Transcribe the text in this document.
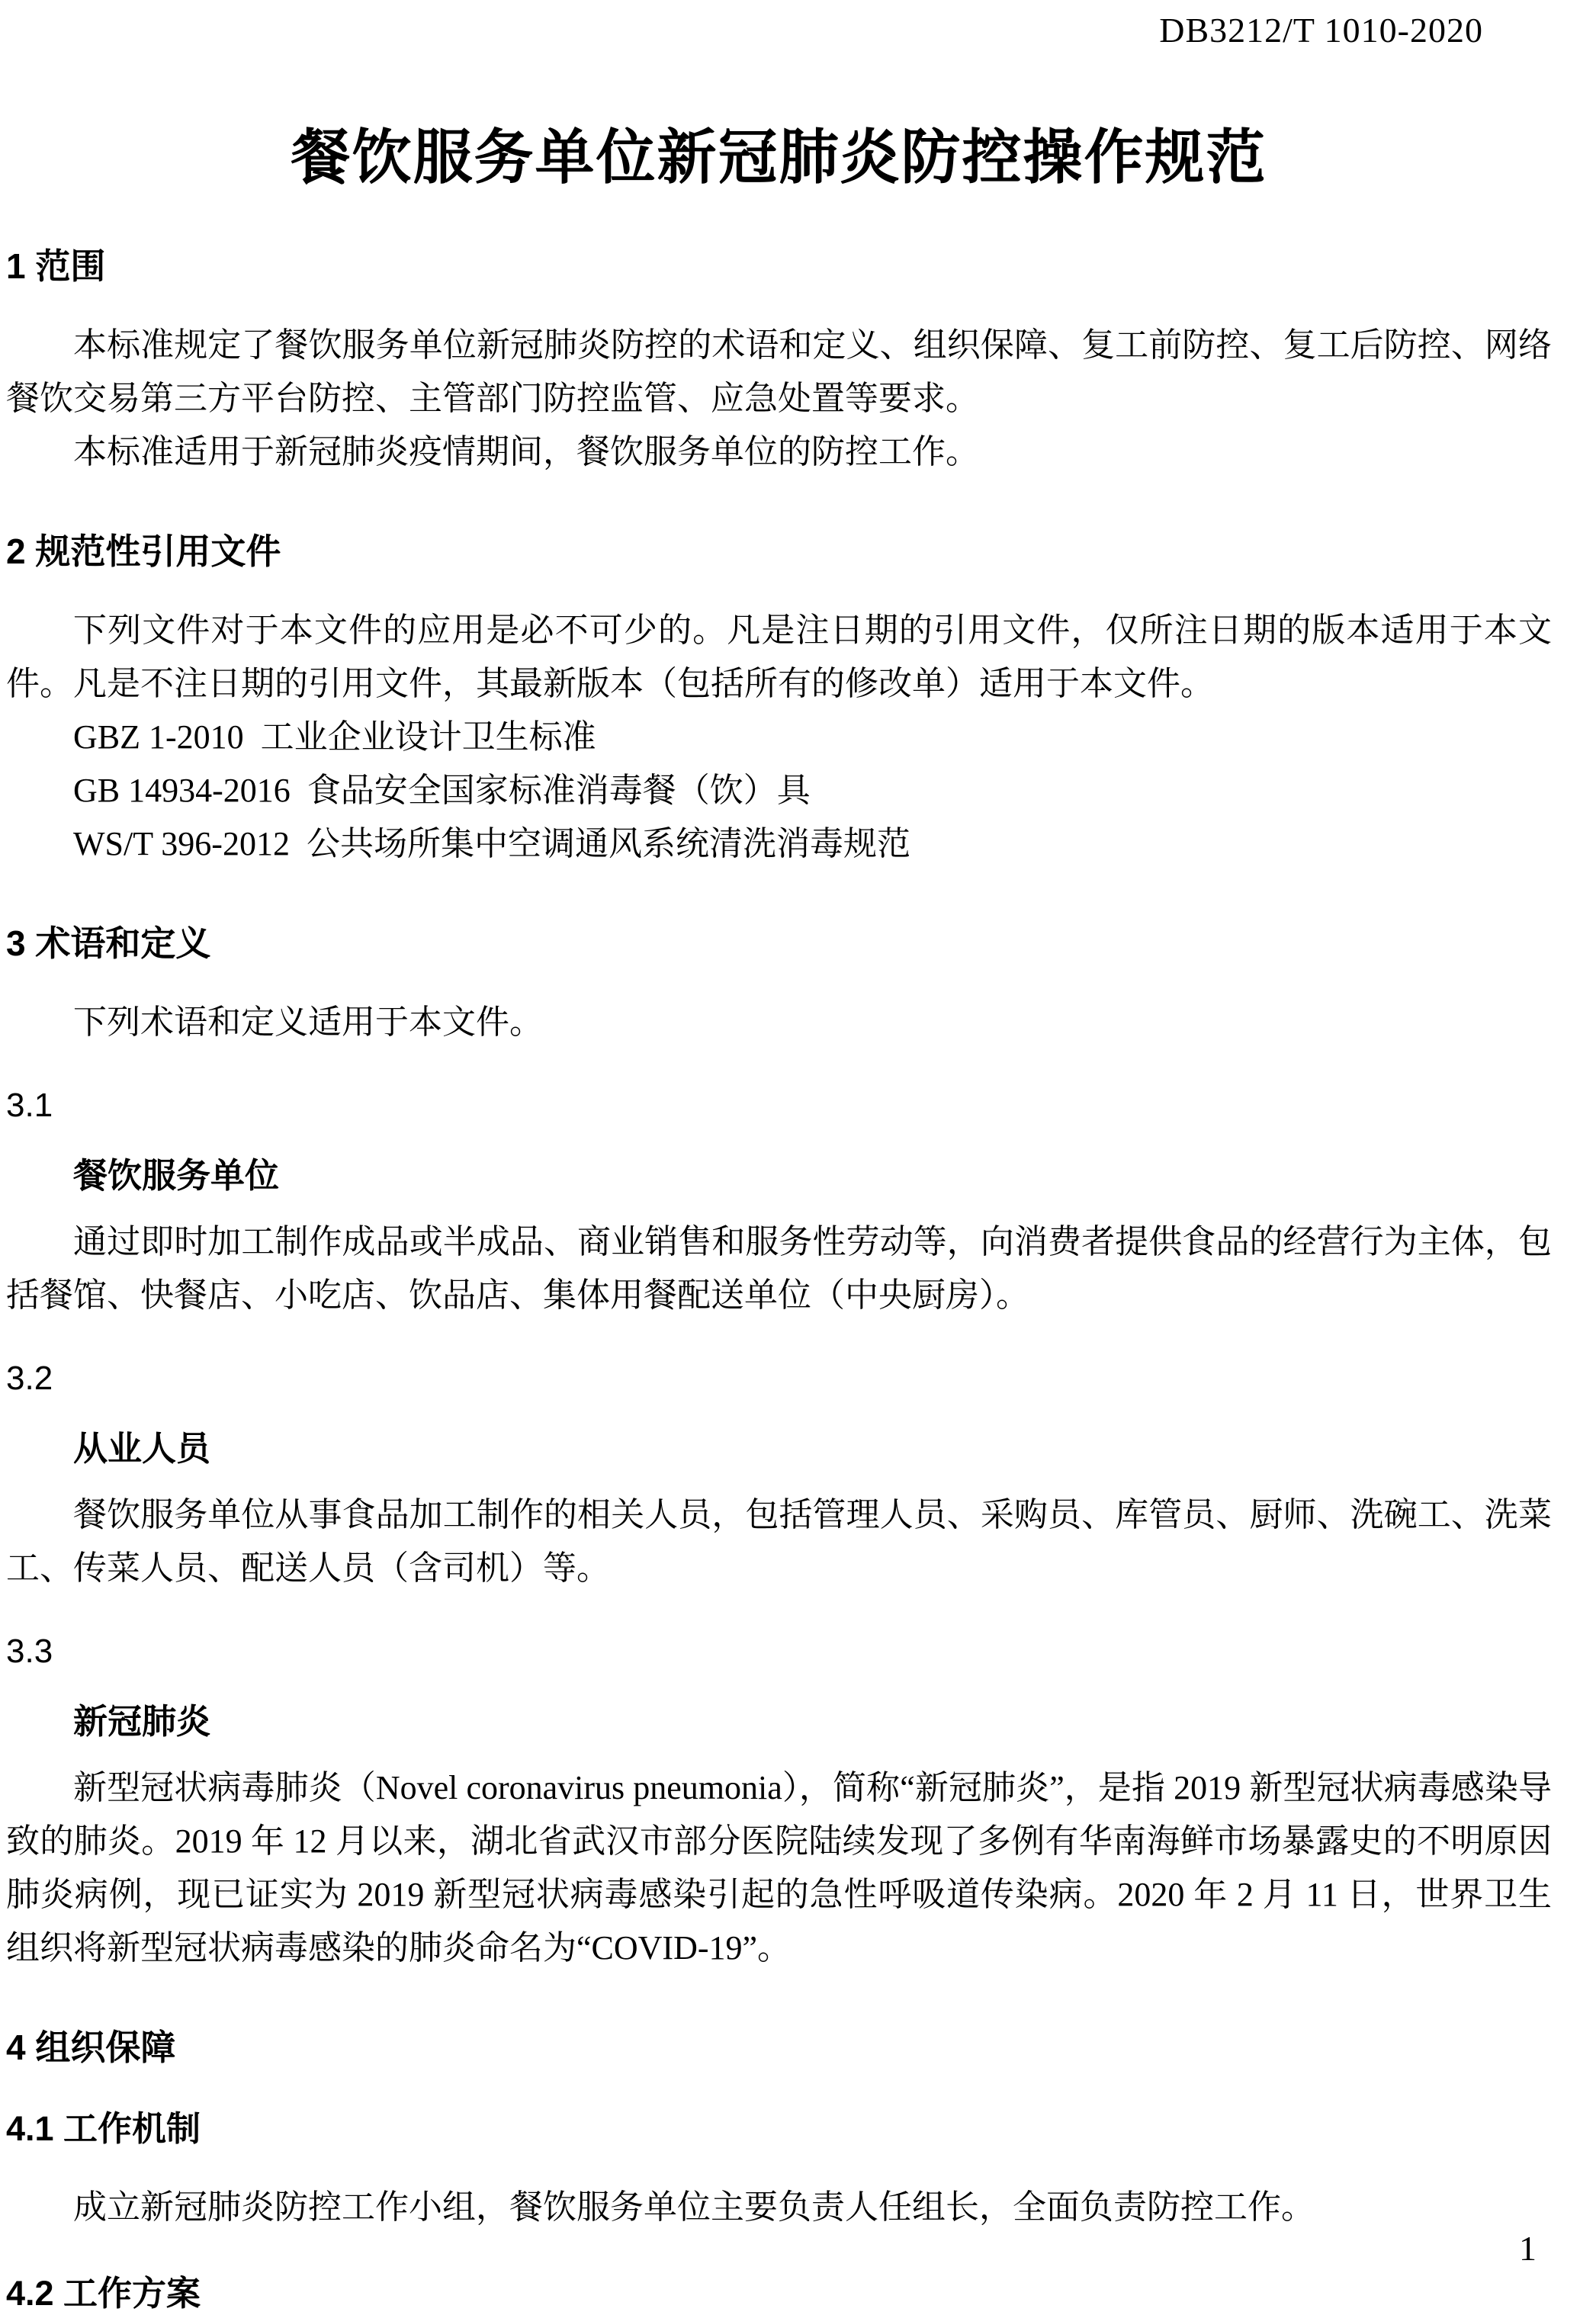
DB3212/T 1010-2020
餐饮服务单位新冠肺炎防控操作规范
1 范围
本标准规定了餐饮服务单位新冠肺炎防控的术语和定义、组织保障、复工前防控、复工后防控、网络餐饮交易第三方平台防控、主管部门防控监管、应急处置等要求。
本标准适用于新冠肺炎疫情期间，餐饮服务单位的防控工作。
2 规范性引用文件
下列文件对于本文件的应用是必不可少的。凡是注日期的引用文件，仅所注日期的版本适用于本文件。凡是不注日期的引用文件，其最新版本（包括所有的修改单）适用于本文件。
GBZ 1-2010  工业企业设计卫生标准
GB 14934-2016  食品安全国家标准消毒餐（饮）具
WS/T 396-2012  公共场所集中空调通风系统清洗消毒规范
3 术语和定义
下列术语和定义适用于本文件。
3.1
餐饮服务单位
通过即时加工制作成品或半成品、商业销售和服务性劳动等，向消费者提供食品的经营行为主体，包括餐馆、快餐店、小吃店、饮品店、集体用餐配送单位（中央厨房）。
3.2
从业人员
餐饮服务单位从事食品加工制作的相关人员，包括管理人员、采购员、库管员、厨师、洗碗工、洗菜工、传菜人员、配送人员（含司机）等。
3.3
新冠肺炎
新型冠状病毒肺炎（Novel coronavirus pneumonia），简称“新冠肺炎”，是指 2019 新型冠状病毒感染导致的肺炎。2019 年 12 月以来，湖北省武汉市部分医院陆续发现了多例有华南海鲜市场暴露史的不明原因肺炎病例，现已证实为 2019 新型冠状病毒感染引起的急性呼吸道传染病。2020 年 2 月 11 日，世界卫生组织将新型冠状病毒感染的肺炎命名为“COVID-19”。
4 组织保障
4.1 工作机制
成立新冠肺炎防控工作小组，餐饮服务单位主要负责人任组长，全面负责防控工作。
4.2 工作方案
1
